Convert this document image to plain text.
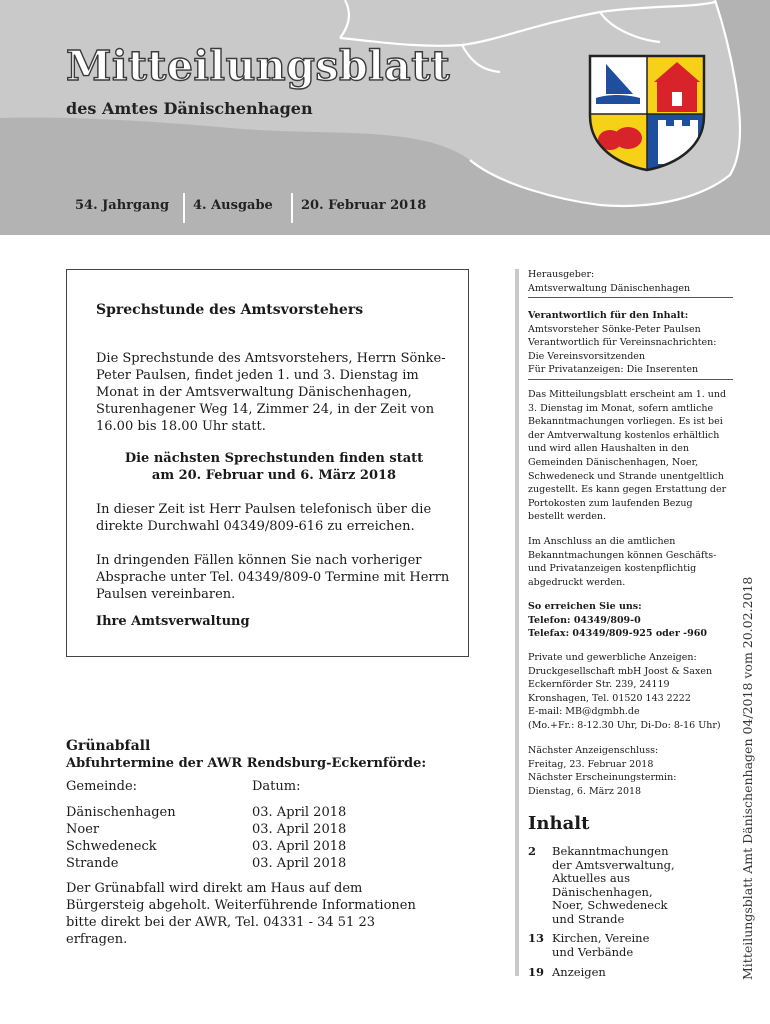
Mitteilungsblatt
des Amtes Dänischenhagen
54. Jahrgang 4. Ausgabe 20. Februar 2018
Sprechstunde des Amtsvorstehers

Die Sprechstunde des Amtsvorstehers, Herrn Sönke-Peter Paulsen, findet jeden 1. und 3. Dienstag im Monat in der Amtsverwaltung Dänischenhagen, Sturenhagener Weg 14, Zimmer 24, in der Zeit von 16.00 bis 18.00 Uhr statt.

Die nächsten Sprechstunden finden statt

am 20. Februar und 6. März 2018

In dieser Zeit ist Herr Paulsen telefonisch über die direkte Durchwahl 04349/809-616 zu erreichen.

In dringenden Fällen können Sie nach vorheriger Absprache unter Tel. 04349/809-0 Termine mit Herrn Paulsen vereinbaren.

Ihre Amtsverwaltung

Grünabfall
Abfuhrtermine der AWR Rendsburg-Eckernförde:
Gemeinde:	Datum:
Dänischenhagen	03. April 2018
Noer	03. April 2018
Schwedeneck	03. April 2018
Strande	03. April 2018
Der Grünabfall wird direkt am Haus auf dem Bürgersteig abgeholt. Weiterführende Informationen bitte direkt bei der AWR, Tel. 04331 - 34 51 23 erfragen.
Herausgeber:
Amtsverwaltung Dänischenhagen
Verantwortlich für den Inhalt:
Amtsvorsteher Sönke-Peter Paulsen
Verantwortlich für Vereinsnachrichten:
Die Vereinsvorsitzenden
Für Privatanzeigen: Die Inserenten
Das Mitteilungsblatt erscheint am 1. und 3. Dienstag im Monat, sofern amtliche Bekanntmachungen vorliegen. Es ist bei der Amtverwaltung kostenlos erhältlich und wird allen Haushalten in den Gemeinden Dänischenhagen, Noer, Schwedeneck und Strande unentgeltlich zugestellt. Es kann gegen Erstattung der Portokosten zum laufenden Bezug bestellt werden.
Im Anschluss an die amtlichen Bekanntmachungen können Geschäfts- und Privatanzeigen kostenpflichtig abgedruckt werden.
So erreichen Sie uns:
Telefon: 04349/809-0
Telefax: 04349/809-925 oder -960
Private und gewerbliche Anzeigen:
Druckgesellschaft mbH Joost & Saxen
Eckernförder Str. 239, 24119 Kronshagen, Tel. 01520 143 2222
E-mail: MB@dgmbh.de
(Mo.+Fr.: 8-12.30 Uhr, Di-Do: 8-16 Uhr)
Nächster Anzeigenschluss:
Freitag, 23. Februar 2018
Nächster Erscheinungstermin:
Dienstag, 6. März 2018
Inhalt
2 Bekanntmachungen der Amtsverwaltung, Aktuelles aus Dänischenhagen, Noer, Schwedeneck und Strande
13 Kirchen, Vereine und Verbände
19 Anzeigen	Mitteilungsblatt Amt Dänischenhagen 04/2018 vom 20.02.2018
